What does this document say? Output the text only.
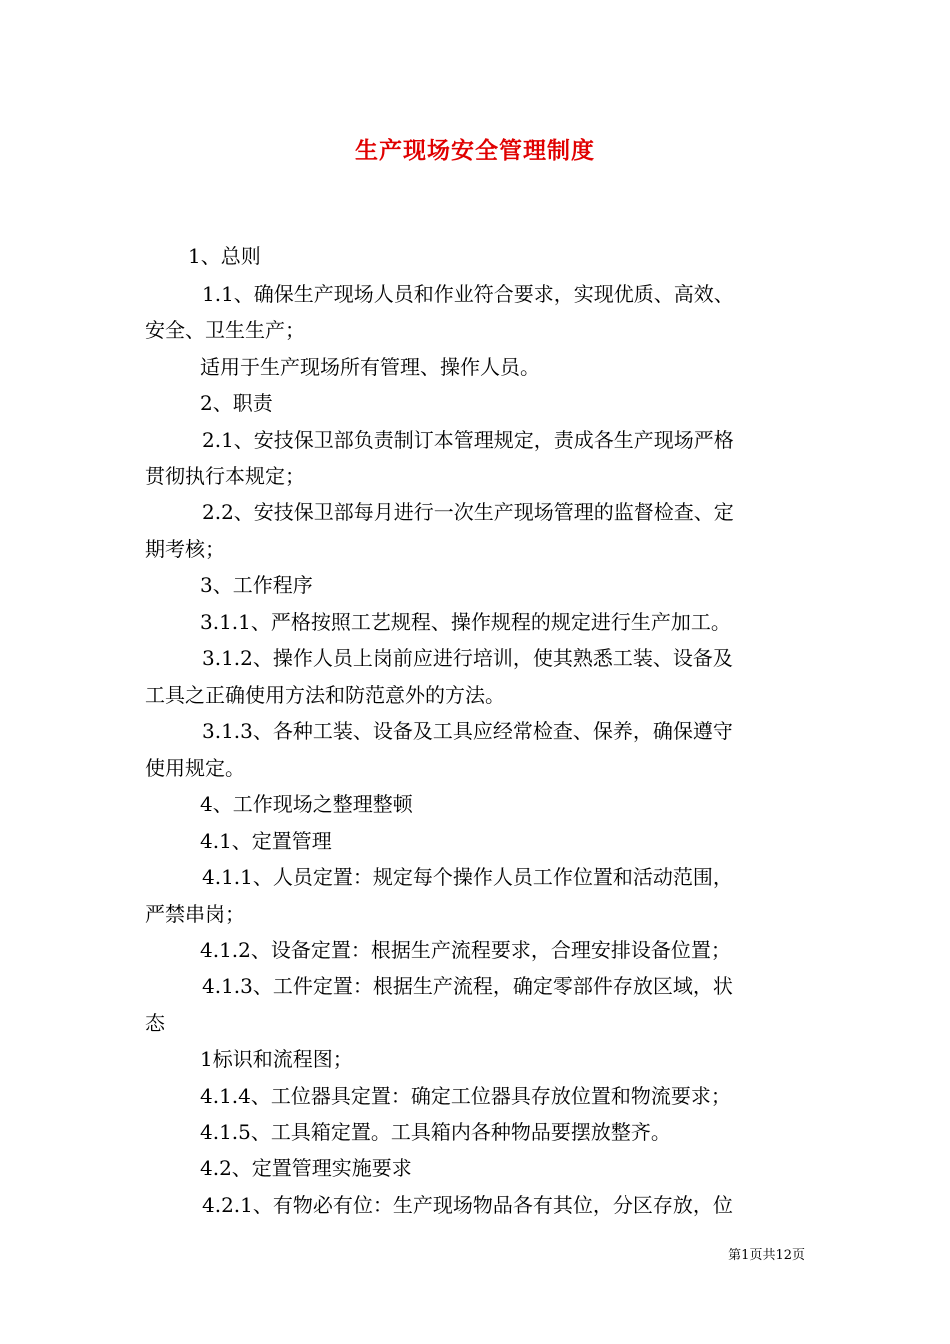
生产现场安全管理制度
1、总则
1.1、确保生产现场人员和作业符合要求，实现优质、高效、
安全、卫生生产；
适用于生产现场所有管理、操作人员。
2、职责
2.1、安技保卫部负责制订本管理规定，责成各生产现场严格
贯彻执行本规定；
2.2、安技保卫部每月进行一次生产现场管理的监督检查、定
期考核；
3、工作程序
3.1.1、严格按照工艺规程、操作规程的规定进行生产加工。
3.1.2、操作人员上岗前应进行培训，使其熟悉工装、设备及
工具之正确使用方法和防范意外的方法。
3.1.3、各种工装、设备及工具应经常检查、保养，确保遵守
使用规定。
4、工作现场之整理整顿
4.1、定置管理
4.1.1、人员定置：规定每个操作人员工作位置和活动范围，
严禁串岗；
4.1.2、设备定置：根据生产流程要求，合理安排设备位置；
4.1.3、工件定置：根据生产流程，确定零部件存放区域，状
态
1标识和流程图；
4.1.4、工位器具定置：确定工位器具存放位置和物流要求；
4.1.5、工具箱定置。工具箱内各种物品要摆放整齐。
4.2、定置管理实施要求
4.2.1、有物必有位：生产现场物品各有其位，分区存放，位
第1页共12页
